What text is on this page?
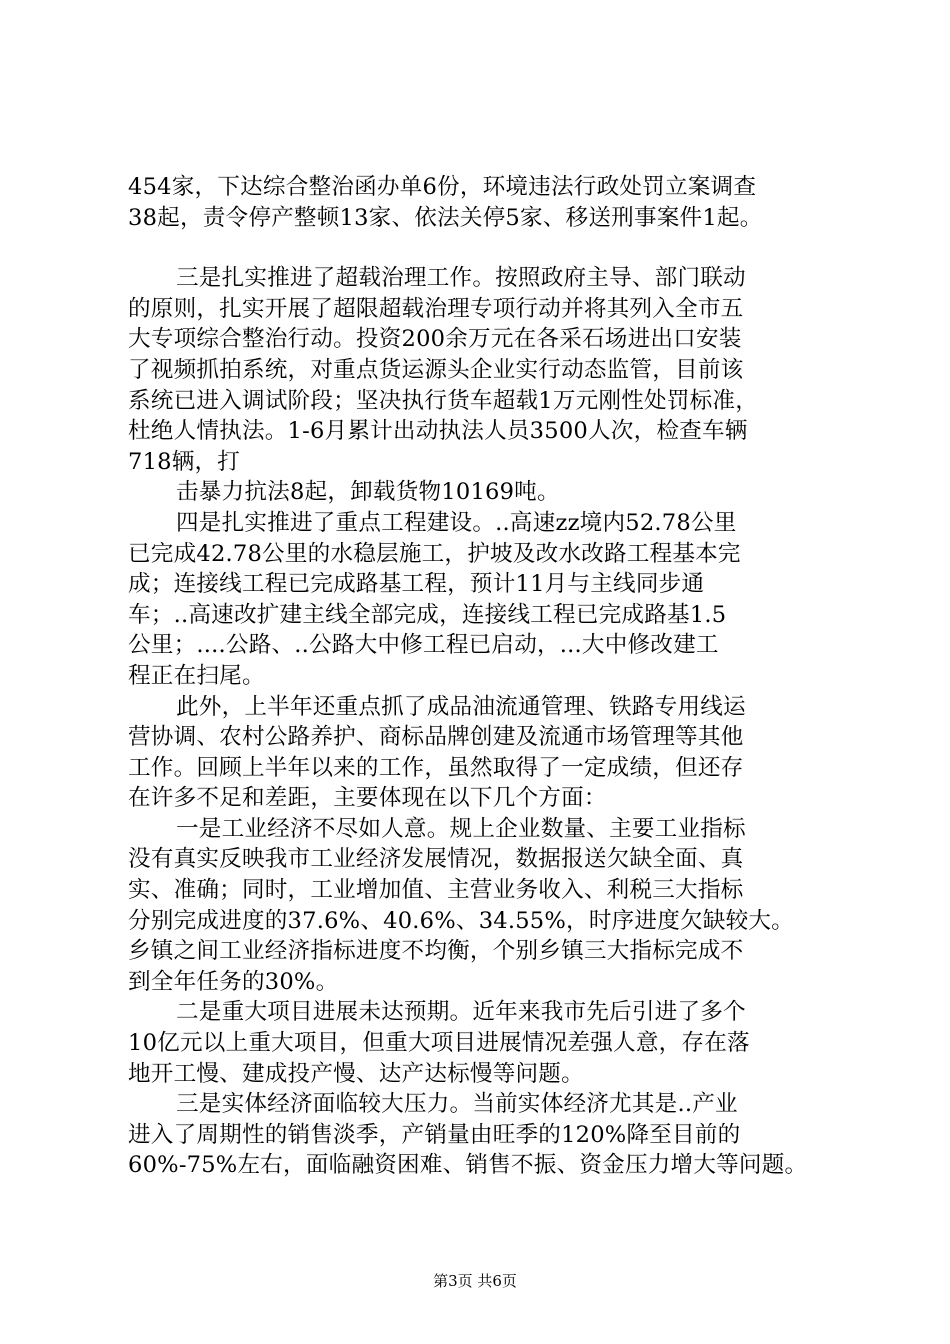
454家，下达综合整治函办单6份，环境违法行政处罚立案调查
38起，责令停产整顿13家、依法关停5家、移送刑事案件1起。
三是扎实推进了超载治理工作。按照政府主导、部门联动
的原则，扎实开展了超限超载治理专项行动并将其列入全市五
大专项综合整治行动。投资200余万元在各采石场进出口安装
了视频抓拍系统，对重点货运源头企业实行动态监管，目前该
系统已进入调试阶段；坚决执行货车超载1万元刚性处罚标准，
杜绝人情执法。1-6月累计出动执法人员3500人次，检查车辆
718辆，打
击暴力抗法8起，卸载货物10169吨。
四是扎实推进了重点工程建设。..高速zz境内52.78公里
已完成42.78公里的水稳层施工，护坡及改水改路工程基本完
成；连接线工程已完成路基工程，预计11月与主线同步通
车；..高速改扩建主线全部完成，连接线工程已完成路基1.5
公里；....公路、..公路大中修工程已启动，...大中修改建工
程正在扫尾。
此外，上半年还重点抓了成品油流通管理、铁路专用线运
营协调、农村公路养护、商标品牌创建及流通市场管理等其他
工作。回顾上半年以来的工作，虽然取得了一定成绩，但还存
在许多不足和差距，主要体现在以下几个方面：
一是工业经济不尽如人意。规上企业数量、主要工业指标
没有真实反映我市工业经济发展情况，数据报送欠缺全面、真
实、准确；同时，工业增加值、主营业务收入、利税三大指标
分别完成进度的37.6%、40.6%、34.55%，时序进度欠缺较大。
乡镇之间工业经济指标进度不均衡，个别乡镇三大指标完成不
到全年任务的30%。
二是重大项目进展未达预期。近年来我市先后引进了多个
10亿元以上重大项目，但重大项目进展情况差强人意，存在落
地开工慢、建成投产慢、达产达标慢等问题。
三是实体经济面临较大压力。当前实体经济尤其是..产业
进入了周期性的销售淡季，产销量由旺季的120%降至目前的
60%-75%左右，面临融资困难、销售不振、资金压力增大等问题。
第3页 共6页
